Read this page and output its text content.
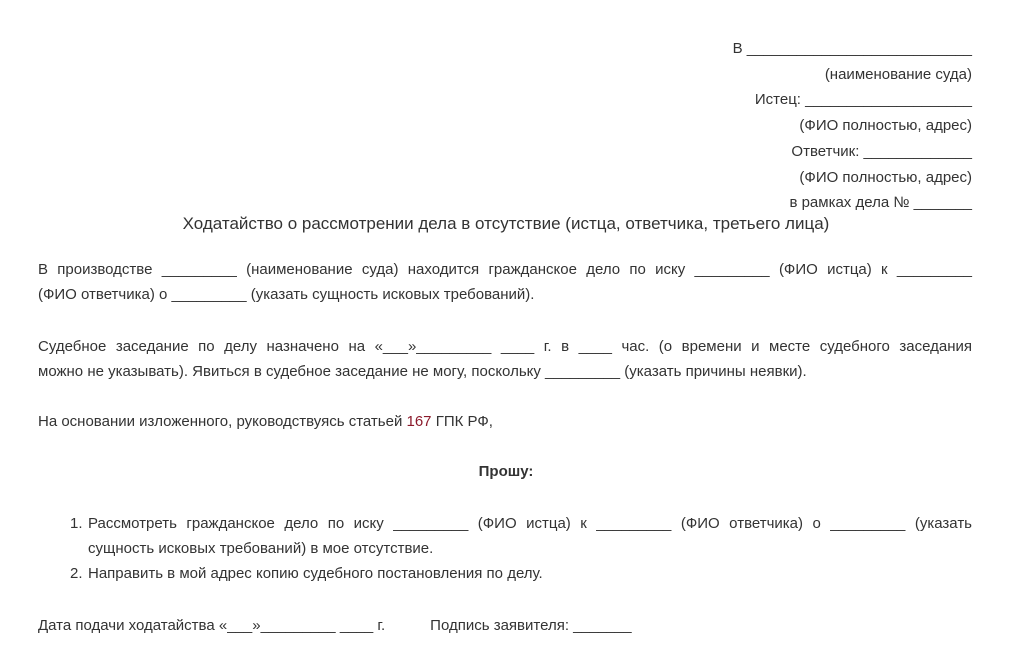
В ___________________________
(наименование суда)
Истец: ____________________
(ФИО полностью, адрес)
Ответчик: _____________
(ФИО полностью, адрес)
в рамках дела № _______
Ходатайство о рассмотрении дела в отсутствие (истца, ответчика, третьего лица)
В производстве _________ (наименование суда) находится гражданское дело по иску _________ (ФИО истца) к _________
(ФИО ответчика) о _________ (указать сущность исковых требований).
Судебное заседание по делу назначено на «___»_________ ____ г. в ____ час. (о времени и месте судебного заседания
можно не указывать). Явиться в судебное заседание не могу, поскольку _________ (указать причины неявки).
На основании изложенного, руководствуясь статьей 167 ГПК РФ,
Прошу:
1. Рассмотреть гражданское дело по иску _________ (ФИО истца) к _________ (ФИО ответчика) о _________ (указать
сущность исковых требований) в мое отсутствие.
2. Направить в мой адрес копию судебного постановления по делу.
Дата подачи ходатайства «___»_________ ____ г.	Подпись заявителя: _______
